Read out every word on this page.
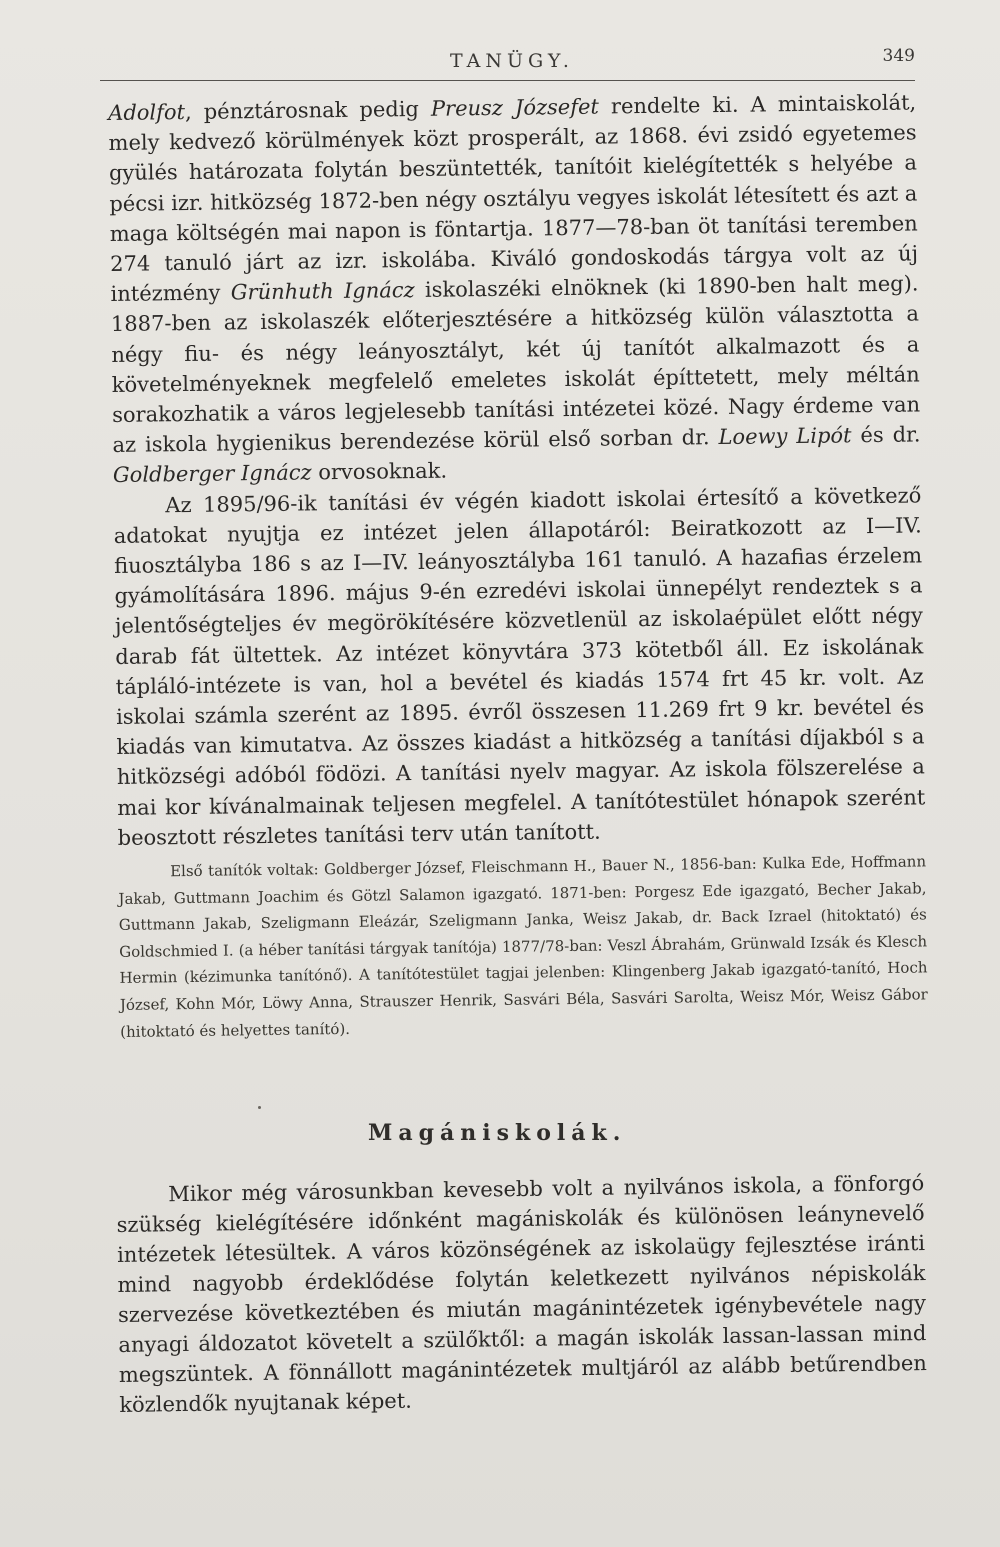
TANÜGY.	349

Adolfot, pénztárosnak pedig Preusz Józsefet rendelte ki. A mintaiskolát, mely kedvező körülmények közt prosperált, az 1868. évi zsidó egyetemes gyülés határozata folytán beszüntették, tanítóit kielégítették s helyébe a pécsi izr. hitközség 1872-ben négy osztályu vegyes iskolát létesített és azt a maga költségén mai napon is föntartja. 1877—78-ban öt tanítási teremben 274 tanuló járt az izr. iskolába. Kiváló gondoskodás tárgya volt az új intézmény Grünhuth Ignácz iskolaszéki elnöknek (ki 1890-ben halt meg). 1887-ben az iskolaszék előterjesztésére a hitközség külön választotta a négy fiu- és négy leányosztályt, két új tanítót alkalmazott és a követelményeknek megfelelő emeletes iskolát építtetett, mely méltán sorakozhatik a város legjelesebb tanítási intézetei közé. Nagy érdeme van az iskola hygienikus berendezése körül első sorban dr. Loewy Lipót és dr. Goldberger Ignácz orvosoknak.

Az 1895/96-ik tanítási év végén kiadott iskolai értesítő a következő adatokat nyujtja ez intézet jelen állapotáról: Beiratkozott az I—IV. fiuosztályba 186 s az I—IV. leányosztályba 161 tanuló. A hazafias érzelem gyámolítására 1896. május 9-én ezredévi iskolai ünnepélyt rendeztek s a jelentőségteljes év megörökítésére közvetlenül az iskolaépület előtt négy darab fát ültettek. Az intézet könyvtára 373 kötetből áll. Ez iskolának tápláló-intézete is van, hol a bevétel és kiadás 1574 frt 45 kr. volt. Az iskolai számla szerént az 1895. évről összesen 11.269 frt 9 kr. bevétel és kiadás van kimutatva. Az összes kiadást a hitközség a tanítási díjakból s a hitközségi adóból födözi. A tanítási nyelv magyar. Az iskola fölszerelése a mai kor kívánalmainak teljesen megfelel. A tanítótestület hónapok szerént beosztott részletes tanítási terv után tanított.

Első tanítók voltak: Goldberger József, Fleischmann H., Bauer N., 1856-ban: Kulka Ede, Hoffmann Jakab, Guttmann Joachim és Götzl Salamon igazgató. 1871-ben: Porgesz Ede igazgató, Becher Jakab, Guttmann Jakab, Szeligmann Eleázár, Szeligmann Janka, Weisz Jakab, dr. Back Izrael (hitoktató) és Goldschmied I. (a héber tanítási tárgyak tanítója) 1877/78-ban: Veszl Ábrahám, Grünwald Izsák és Klesch Hermin (kézimunka tanítónő). A tanítótestület tagjai jelenben: Klingenberg Jakab igazgató-tanító, Hoch József, Kohn Mór, Löwy Anna, Strauszer Henrik, Sasvári Béla, Sasvári Sarolta, Weisz Mór, Weisz Gábor (hitoktató és helyettes tanító).

Magániskolák.

Mikor még városunkban kevesebb volt a nyilvános iskola, a fönforgó szükség kielégítésére időnként magániskolák és különösen leánynevelő intézetek létesültek. A város közönségének az iskolaügy fejlesztése iránti mind nagyobb érdeklődése folytán keletkezett nyilvános népiskolák szervezése következtében és miután magánintézetek igénybevétele nagy anyagi áldozatot követelt a szülőktől: a magán iskolák lassan-lassan mind megszüntek. A fönnállott magánintézetek multjáról az alább betűrendben közlendők nyujtanak képet.
